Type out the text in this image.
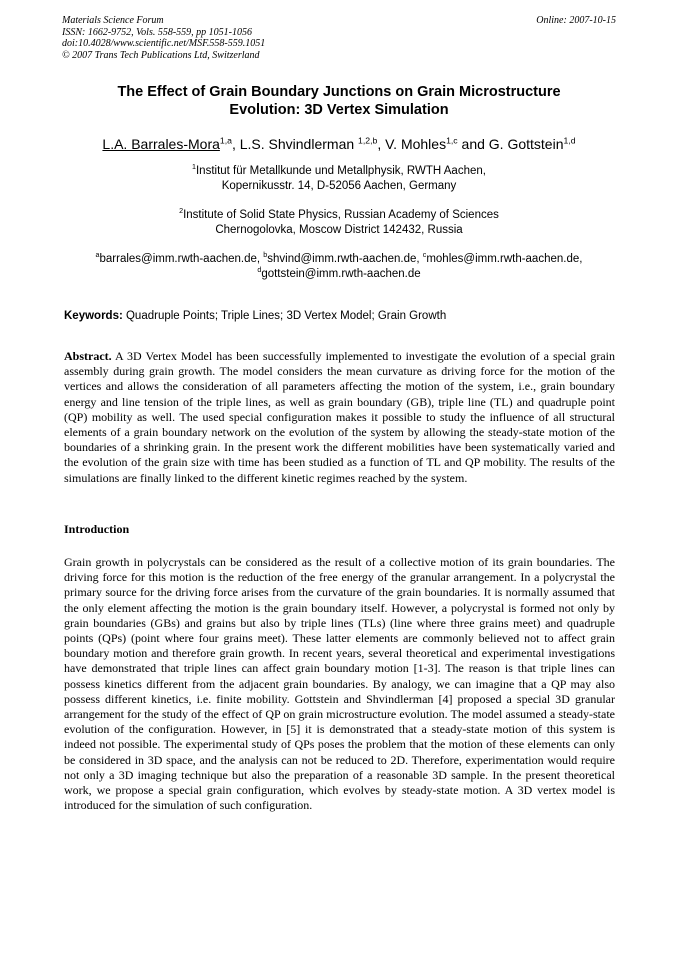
Materials Science Forum
ISSN: 1662-9752, Vols. 558-559, pp 1051-1056
doi:10.4028/www.scientific.net/MSF.558-559.1051
© 2007 Trans Tech Publications Ltd, Switzerland
Online: 2007-10-15
The Effect of Grain Boundary Junctions on Grain Microstructure
Evolution: 3D Vertex Simulation
L.A. Barrales-Mora$^{1,a}$, L.S. Shvindlerman $^{1,2,b}$, V. Mohles$^{1,c}$ and G. Gottstein$^{1,d}$
$^1$Institut für Metallkunde und Metallphysik, RWTH Aachen,
Kopernikusstr. 14, D-52056 Aachen, Germany
$^2$Institute of Solid State Physics, Russian Academy of Sciences
Chernogolovka, Moscow District 142432, Russia
$^a$barrales@imm.rwth-aachen.de, $^b$shvind@imm.rwth-aachen.de, $^c$mohles@imm.rwth-aachen.de,
$^d$gottstein@imm.rwth-aachen.de
Keywords: Quadruple Points; Triple Lines; 3D Vertex Model; Grain Growth
Abstract. A 3D Vertex Model has been successfully implemented to investigate the evolution of a special grain assembly during grain growth. The model considers the mean curvature as driving force for the motion of the vertices and allows the consideration of all parameters affecting the motion of the system, i.e., grain boundary energy and line tension of the triple lines, as well as grain boundary (GB), triple line (TL) and quadruple point (QP) mobility as well. The used special configuration makes it possible to study the influence of all structural elements of a grain boundary network on the evolution of the system by allowing the steady-state motion of the boundaries of a shrinking grain. In the present work the different mobilities have been systematically varied and the evolution of the grain size with time has been studied as a function of TL and QP mobility. The results of the simulations are finally linked to the different kinetic regimes reached by the system.
Introduction
Grain growth in polycrystals can be considered as the result of a collective motion of its grain boundaries. The driving force for this motion is the reduction of the free energy of the granular arrangement. In a polycrystal the primary source for the driving force arises from the curvature of the grain boundaries. It is normally assumed that the only element affecting the motion is the grain boundary itself. However, a polycrystal is formed not only by grain boundaries (GBs) and grains but also by triple lines (TLs) (line where three grains meet) and quadruple points (QPs) (point where four grains meet). These latter elements are commonly believed not to affect grain boundary motion and therefore grain growth. In recent years, several theoretical and experimental investigations have demonstrated that triple lines can affect grain boundary motion [1-3]. The reason is that triple lines can possess kinetics different from the adjacent grain boundaries. By analogy, we can imagine that a QP may also possess different kinetics, i.e. finite mobility. Gottstein and Shvindlerman [4] proposed a special 3D granular arrangement for the study of the effect of QP on grain microstructure evolution. The model assumed a steady-state evolution of the configuration. However, in [5] it is demonstrated that a steady-state motion of this system is indeed not possible. The experimental study of QPs poses the problem that the motion of these elements can only be considered in 3D space, and the analysis can not be reduced to 2D. Therefore, experimentation would require not only a 3D imaging technique but also the preparation of a reasonable 3D sample. In the present theoretical work, we propose a special grain configuration, which evolves by steady-state motion. A 3D vertex model is introduced for the simulation of such configuration.
